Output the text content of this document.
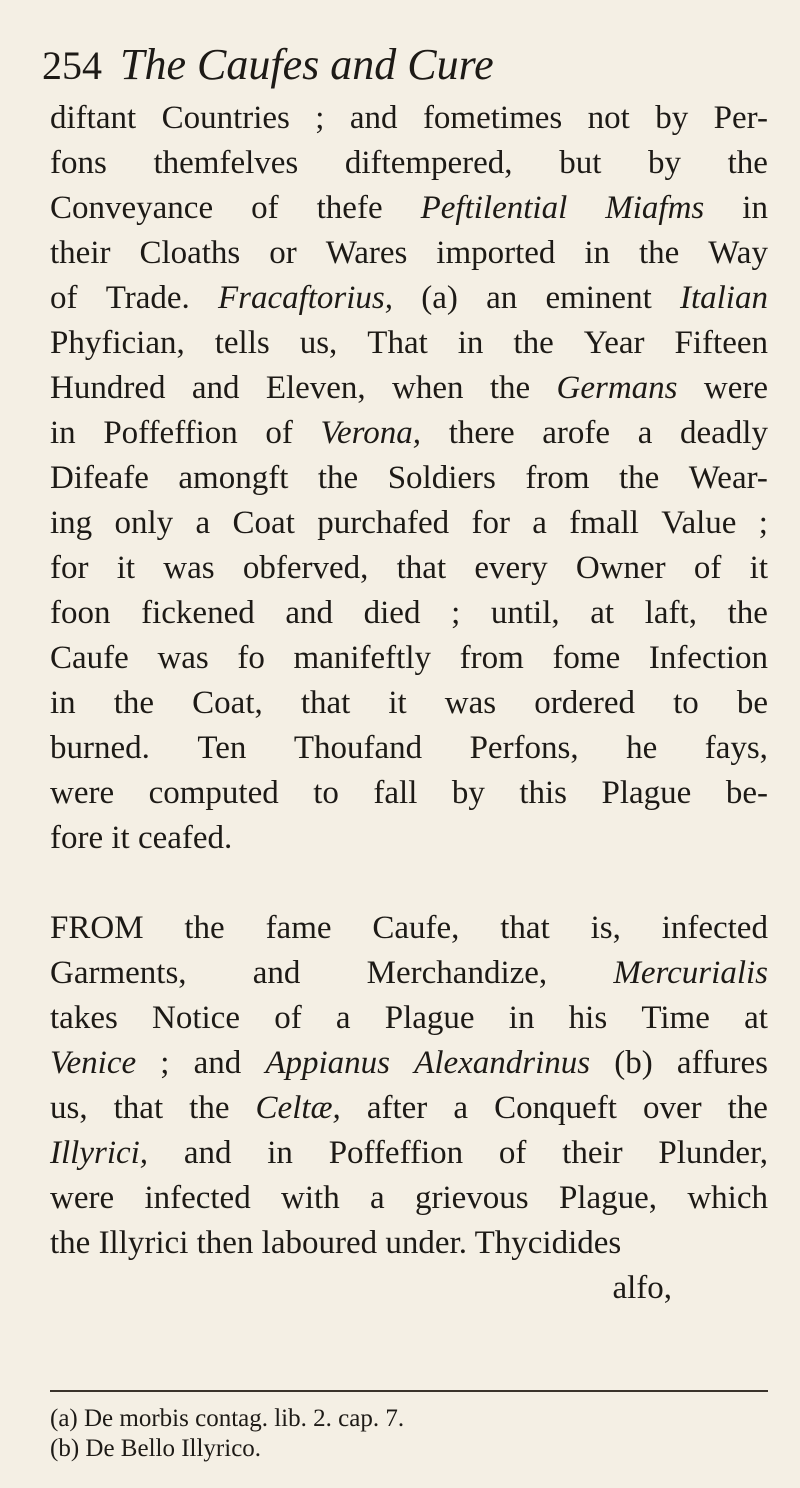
254 The Caufes and Cure
diftant Countries ; and fometimes not by Per-
fons themfelves diftempered, but by the
Conveyance of thefe Peftilential Miafms in
their Cloaths or Wares imported in the Way
of Trade. Fracaftorius, (a) an eminent Italian
Phyfician, tells us, That in the Year Fifteen
Hundred and Eleven, when the Germans were
in Poffeffion of Verona, there arofe a deadly
Difeafe amongft the Soldiers from the Wear-
ing only a Coat purchafed for a fmall Value ;
for it was obferved, that every Owner of it
foon fickened and died ; until, at laft, the
Caufe was fo manifeftly from fome Infection
in the Coat, that it was ordered to be
burned. Ten Thoufand Perfons, he fays,
were computed to fall by this Plague be-
fore it ceafed.
FROM the fame Caufe, that is, infected
Garments, and Merchandize, Mercurialis
takes Notice of a Plague in his Time at
Venice ; and Appianus Alexandrinus (b) affures
us, that the Celtæ, after a Conqueft over the
Illyrici, and in Poffeffion of their Plunder,
were infected with a grievous Plague, which
the Illyrici then laboured under. Thycidides
alfo,
(a) De morbis contag. lib. 2. cap. 7.
(b) De Bello Illyrico.
